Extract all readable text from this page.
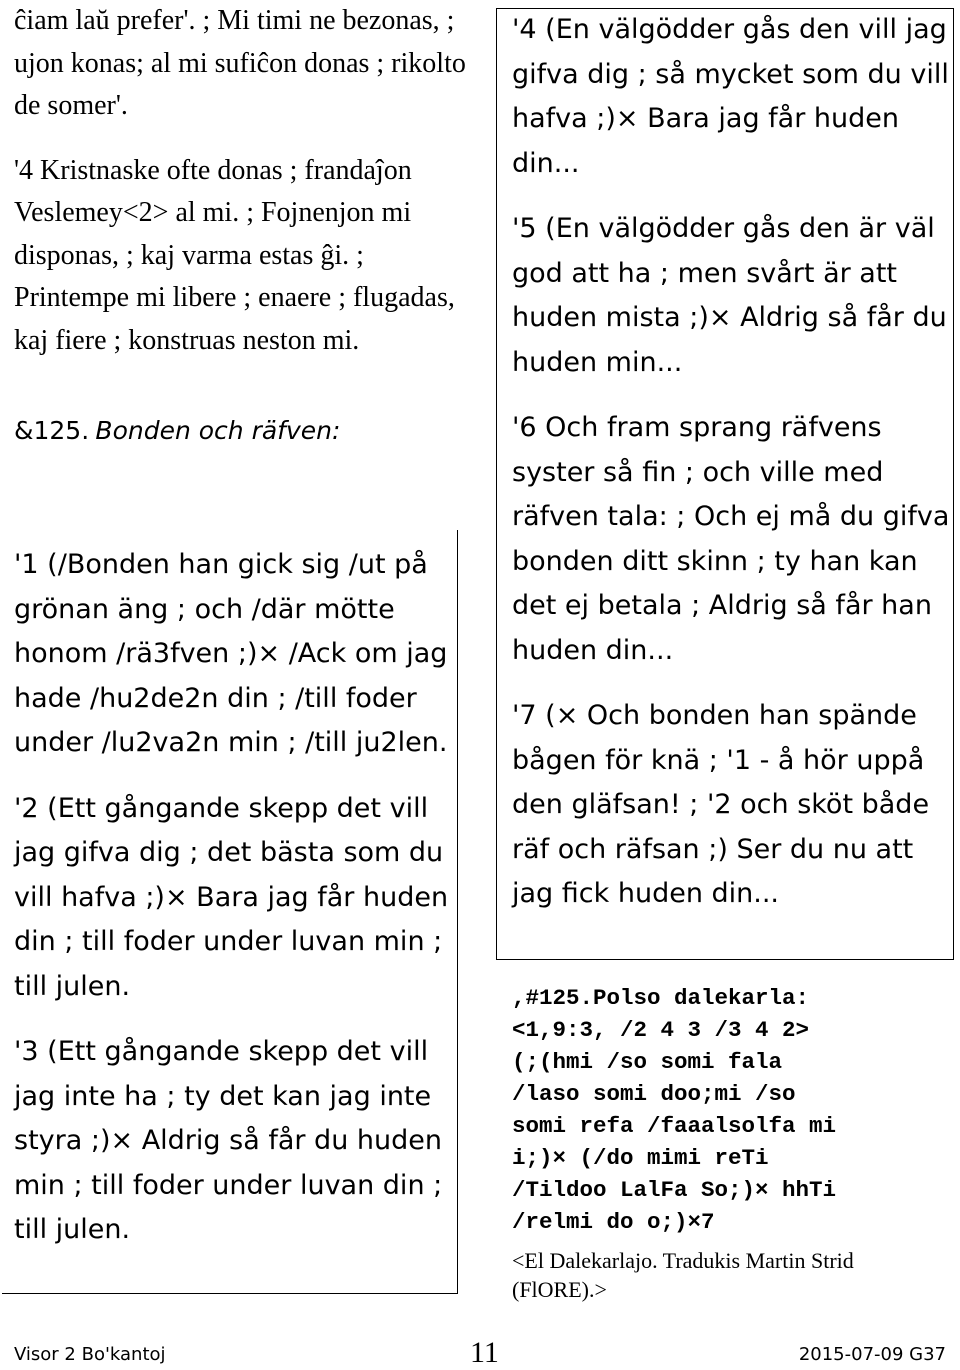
ĉiam laŭ prefer'. ; Mi timi ne bezonas, ; ujon konas; al mi sufiĉon donas ; rikolto de somer'.

'4 Kristnaske ofte donas ; frandaĵon Veslemey<2> al mi. ; Fojnenjon mi disponas, ; kaj varma estas ĝi. ; Printempe mi libere ; enaere ; flugadas, kaj fiere ; konstruas neston mi.

&125. Bonden och räfven:

'1 (/Bonden han gick sig /ut på grönan äng ; och /där mötte honom /rä3fven ;)× /Ack om jag hade /hu2de2n din ; /till foder under /lu2va2n min ; /till ju2len.

'2 (Ett gångande skepp det vill jag gifva dig ; det bästa som du vill hafva ;)× Bara jag får huden din ; till foder under luvan min ; till julen.

'3 (Ett gångande skepp det vill jag inte ha ; ty det kan jag inte styra ;)× Aldrig så får du huden min ; till foder under luvan din ; till julen.

'4 (En välgödder gås den vill jag gifva dig ; så mycket som du vill hafva ;)× Bara jag får huden din...

'5 (En välgödder gås den är väl god att ha ; men svårt är att huden mista ;)× Aldrig så får du huden min...

'6 Och fram sprang räfvens syster så fin ; och ville med räfven tala: ; Och ej må du gifva bonden ditt skinn ; ty han kan det ej betala ; Aldrig så får han huden din...

'7 (× Och bonden han spände bågen för knä ; '1 - å hör uppå den gläfsan! ; '2 och sköt både räf och räfsan ;) Ser du nu att jag fick huden din...

,#125.Polso dalekarla:
<1,9:3, /2 4 3 /3 4 2>
(;(hmi /so somi fala
/laso somi doo;mi /so
somi refa /faaalsolfa mi
i;)× (/do mimi reTi
/Tildoo LalFa So;)× hhTi
/relmi do o;)×7
<El Dalekarlajo. Tradukis Martin Strid (FlORE).>
Visor 2 Bo'kantoj	11	2015-07-09 G37
